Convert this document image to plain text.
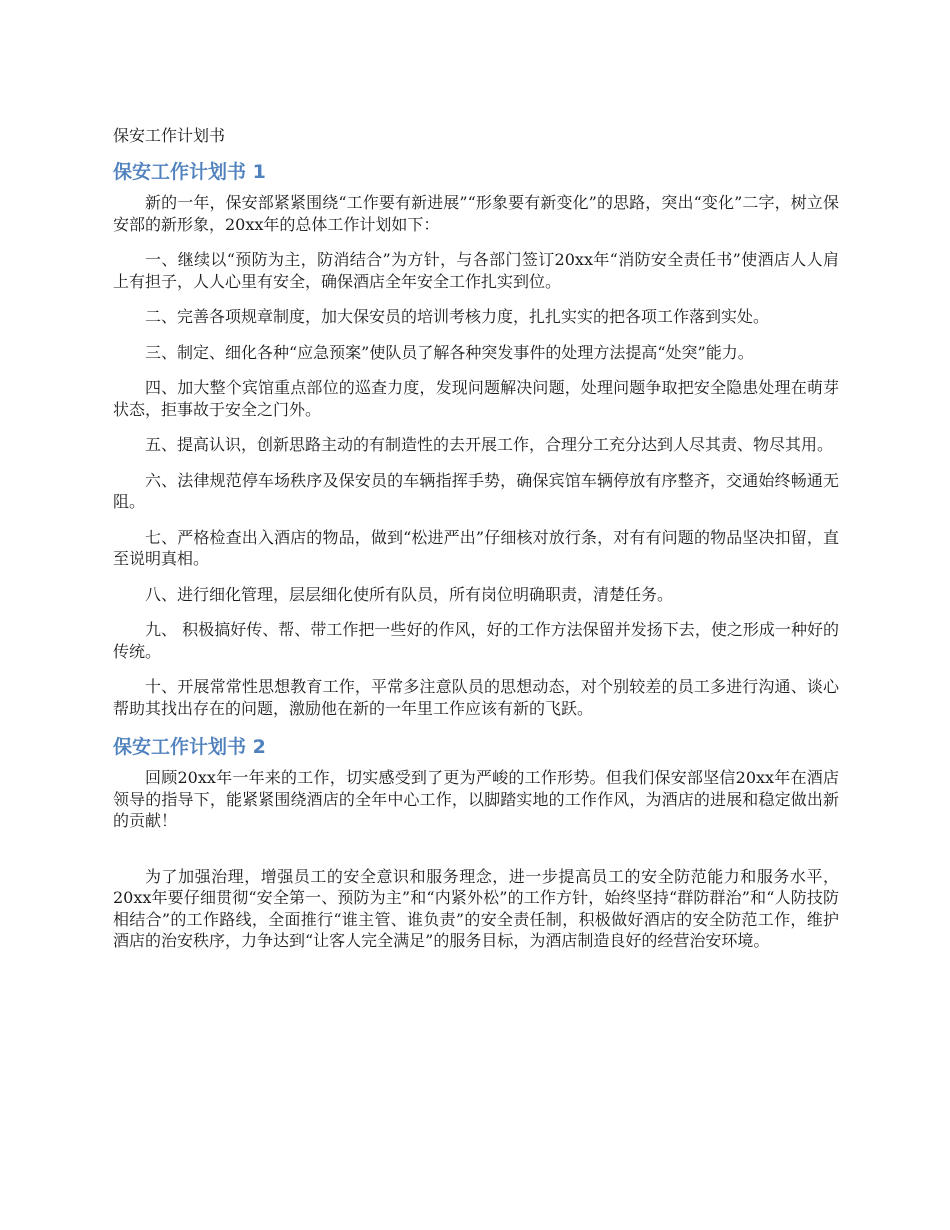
保安工作计划书
保安工作计划书 1

新的一年，保安部紧紧围绕“工作要有新进展”“形象要有新变化”的思路，突出“变化”二字，树立保安部的新形象，20xx年的总体工作计划如下：

一、继续以“预防为主，防消结合”为方针，与各部门签订20xx年“消防安全责任书”使酒店人人肩上有担子，人人心里有安全，确保酒店全年安全工作扎实到位。

二、完善各项规章制度，加大保安员的培训考核力度，扎扎实实的把各项工作落到实处。

三、制定、细化各种“应急预案”使队员了解各种突发事件的处理方法提高“处突”能力。

四、加大整个宾馆重点部位的巡查力度，发现问题解决问题，处理问题争取把安全隐患处理在萌芽状态，拒事故于安全之门外。

五、提高认识，创新思路主动的有制造性的去开展工作，合理分工充分达到人尽其责、物尽其用。

六、法律规范停车场秩序及保安员的车辆指挥手势，确保宾馆车辆停放有序整齐，交通始终畅通无阻。

七、严格检查出入酒店的物品，做到“松进严出”仔细核对放行条，对有有问题的物品坚决扣留，直至说明真相。

八、进行细化管理，层层细化使所有队员，所有岗位明确职责，清楚任务。

九、 积极搞好传、帮、带工作把一些好的作风，好的工作方法保留并发扬下去，使之形成一种好的传统。

十、开展常常性思想教育工作，平常多注意队员的思想动态，对个别较差的员工多进行沟通、谈心帮助其找出存在的问题，激励他在新的一年里工作应该有新的飞跃。

保安工作计划书 2

回顾20xx年一年来的工作，切实感受到了更为严峻的工作形势。但我们保安部坚信20xx年在酒店领导的指导下，能紧紧围绕酒店的全年中心工作，以脚踏实地的工作作风，为酒店的进展和稳定做出新的贡献！

为了加强治理，增强员工的安全意识和服务理念，进一步提高员工的安全防范能力和服务水平，20xx年要仔细贯彻“安全第一、预防为主”和“内紧外松”的工作方针，始终坚持“群防群治”和“人防技防相结合”的工作路线，全面推行“谁主管、谁负责”的安全责任制，积极做好酒店的安全防范工作，维护酒店的治安秩序，力争达到“让客人完全满足”的服务目标，为酒店制造良好的经营治安环境。
